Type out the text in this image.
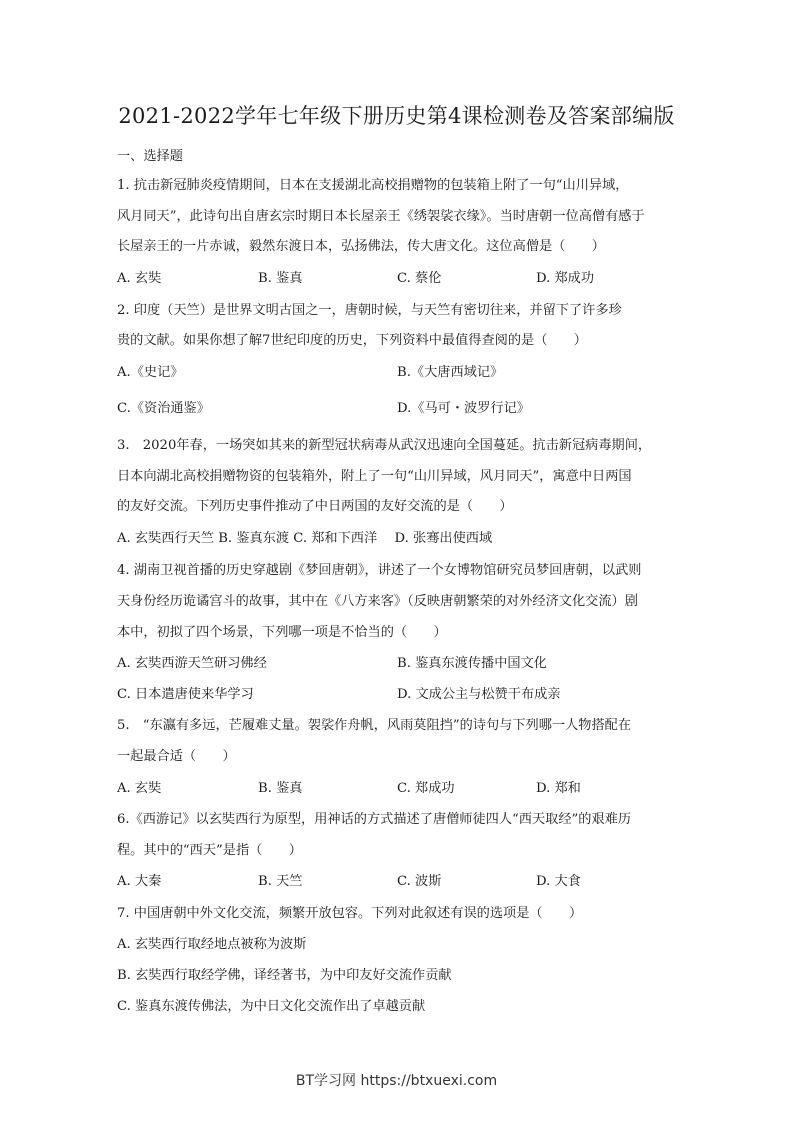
2021-2022学年七年级下册历史第4课检测卷及答案部编版
一、选择题
1. 抗击新冠肺炎疫情期间，日本在支援湖北高校捐赠物的包装箱上附了一句“山川异域，
风月同天”，此诗句出自唐玄宗时期日本长屋亲王《绣袈裟衣缘》。当时唐朝一位高僧有感于
长屋亲王的一片赤诚，毅然东渡日本，弘扬佛法，传大唐文化。这位高僧是（　　）
A. 玄奘	B. 鉴真	C. 蔡伦	D. 郑成功
2. 印度（天竺）是世界文明古国之一，唐朝时候，与天竺有密切往来，并留下了许多珍
贵的文献。如果你想了解7世纪印度的历史，下列资料中最值得查阅的是（　　）
A.《史记》	B.《大唐西域记》
C.《资治通鉴》	D.《马可・波罗行记》
3.　2020年春，一场突如其来的新型冠状病毒从武汉迅速向全国蔓延。抗击新冠病毒期间，
日本向湖北高校捐赠物资的包装箱外，附上了一句“山川异域，风月同天”，寓意中日两国
的友好交流。下列历史事件推动了中日两国的友好交流的是（　　）
A. 玄奘西行天竺 B. 鉴真东渡 C. 郑和下西洋　 D. 张骞出使西域
4. 湖南卫视首播的历史穿越剧《梦回唐朝》，讲述了一个女博物馆研究员梦回唐朝，以武则
天身份经历诡谲宫斗的故事，其中在《八方来客》（反映唐朝繁荣的对外经济文化交流）剧
本中，初拟了四个场景，下列哪一项是不恰当的（　　）
A. 玄奘西游天竺研习佛经	B. 鉴真东渡传播中国文化
C. 日本遣唐使来华学习	D. 文成公主与松赞干布成亲
5.　“东瀛有多远，芒履难丈量。袈裟作舟帆，风雨莫阻挡”的诗句与下列哪一人物搭配在
一起最合适（　　）
A. 玄奘	B. 鉴真	C. 郑成功	D. 郑和
6.《西游记》以玄奘西行为原型，用神话的方式描述了唐僧师徒四人“西天取经”的艰难历
程。其中的“西天”是指（　　）
A. 大秦	B. 天竺	C. 波斯	D. 大食
7. 中国唐朝中外文化交流，频繁开放包容。下列对此叙述有误的选项是（　　）
A. 玄奘西行取经地点被称为波斯
B. 玄奘西行取经学佛，译经著书，为中印友好交流作贡献
C. 鉴真东渡传佛法，为中日文化交流作出了卓越贡献
BT学习网 https://btxuexi.com
